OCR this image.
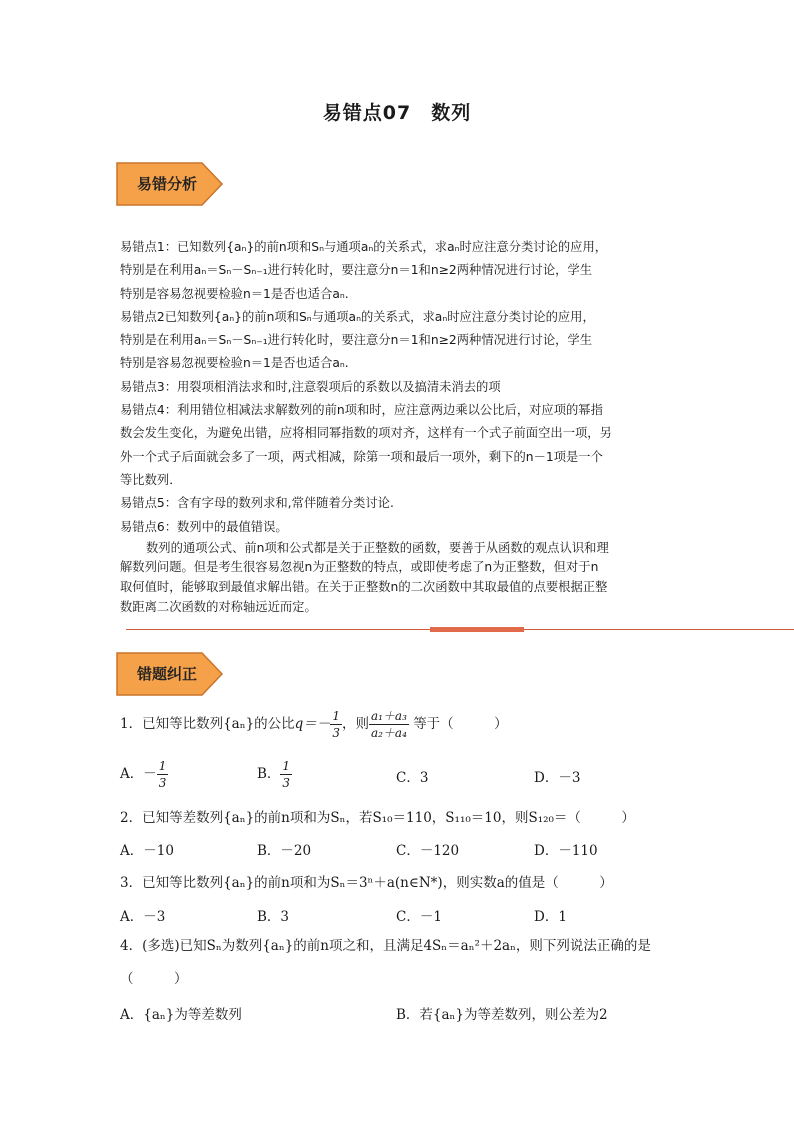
易错点07　数列
易错分析
易错点1：已知数列{aₙ}的前n项和Sₙ与通项aₙ的关系式，求aₙ时应注意分类讨论的应用，
特别是在利用aₙ＝Sₙ－Sₙ₋₁进行转化时，要注意分n＝1和n≥2两种情况进行讨论，学生
特别是容易忽视要检验n＝1是否也适合aₙ.
易错点2已知数列{aₙ}的前n项和Sₙ与通项aₙ的关系式，求aₙ时应注意分类讨论的应用，
特别是在利用aₙ＝Sₙ－Sₙ₋₁进行转化时，要注意分n＝1和n≥2两种情况进行讨论，学生
特别是容易忽视要检验n＝1是否也适合aₙ.
易错点3：用裂项相消法求和时,注意裂项后的系数以及搞清未消去的项
易错点4：利用错位相减法求解数列的前n项和时，应注意两边乘以公比后，对应项的幂指
数会发生变化，为避免出错，应将相同幂指数的项对齐，这样有一个式子前面空出一项，另
外一个式子后面就会多了一项，两式相减，除第一项和最后一项外，剩下的n－1项是一个
等比数列．
易错点5：含有字母的数列求和,常伴随着分类讨论.
易错点6：数列中的最值错误。
数列的通项公式、前n项和公式都是关于正整数的函数，要善于从函数的观点认识和理
解数列问题。但是考生很容易忽视n为正整数的特点，或即使考虑了n为正整数，但对于n
取何值时，能够取到最值求解出错。在关于正整数n的二次函数中其取最值的点要根据正整
数距离二次函数的对称轴远近而定。
错题纠正
1．已知等比数列{aₙ}的公比$q=- \frac{1}{3}$ ，则 $\frac{\text{a₁＋a₃}}{\text{a₂＋a₄}}$ 等于（　　　）
A．－ $\frac{1}{3}$	B． $\frac{1}{3}$	C．3	D．－3
2．已知等差数列{aₙ}的前n项和为Sₙ，若S₁₀＝110，S₁₁₀＝10，则S₁₂₀＝（　　　）
A．－10	B．－20	C．－120	D．－110
3．已知等比数列{aₙ}的前n项和为Sₙ＝3ⁿ＋a(n∈N*)，则实数a的值是（　　　）
A．－3	B．3	C．－1	D．1
4．(多选)已知Sₙ为数列{aₙ}的前n项之和，且满足4Sₙ＝aₙ²＋2aₙ，则下列说法正确的是
（　　　）
A．{aₙ}为等差数列	B．若{aₙ}为等差数列，则公差为2
